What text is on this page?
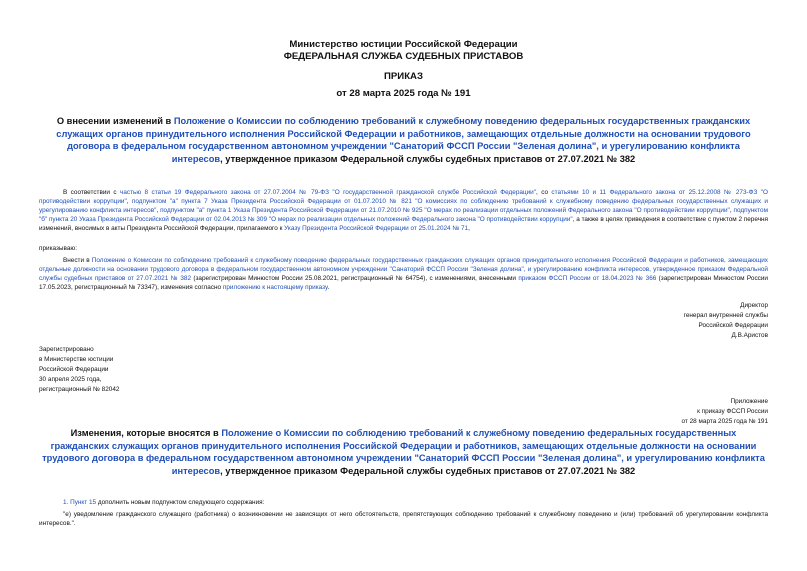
Министерство юстиции Российской Федерации
ФЕДЕРАЛЬНАЯ СЛУЖБА СУДЕБНЫХ ПРИСТАВОВ
ПРИКАЗ
от 28 марта 2025 года № 191
О внесении изменений в Положение о Комиссии по соблюдению требований к служебному поведению федеральных государственных гражданских служащих органов принудительного исполнения Российской Федерации и работников, замещающих отдельные должности на основании трудового договора в федеральном государственном автономном учреждении "Санаторий ФССП России "Зеленая долина", и урегулированию конфликта интересов, утвержденное приказом Федеральной службы судебных приставов от 27.07.2021 № 382
В соответствии с частью 8 статьи 19 Федерального закона от 27.07.2004 № 79-ФЗ "О государственной гражданской службе Российской Федерации", со статьями 10 и 11 Федерального закона от 25.12.2008 № 273-ФЗ "О противодействии коррупции", подпунктом "а" пункта 7 Указа Президента Российской Федерации от 01.07.2010 № 821 "О комиссиях по соблюдению требований к служебному поведению федеральных государственных служащих и урегулированию конфликта интересов", подпунктом "а" пункта 1 Указа Президента Российской Федерации от 21.07.2010 № 925 "О мерах по реализации отдельных положений Федерального закона "О противодействии коррупции", подпунктом "б" пункта 20 Указа Президента Российской Федерации от 02.04.2013 № 309 "О мерах по реализации отдельных положений Федерального закона "О противодействии коррупции", а также в целях приведения в соответствие с пунктом 2 перечня изменений, вносимых в акты Президента Российской Федерации, прилагаемого к Указу Президента Российской Федерации от 25.01.2024 № 71,
приказываю:
Внести в Положение о Комиссии по соблюдению требований к служебному поведению федеральных государственных гражданских служащих органов принудительного исполнения Российской Федерации и работников, замещающих отдельные должности на основании трудового договора в федеральном государственном автономном учреждении "Санаторий ФССП России "Зеленая долина", и урегулированию конфликта интересов, утвержденное приказом Федеральной службы судебных приставов от 27.07.2021 № 382 (зарегистрирован Минюстом России 25.08.2021, регистрационный № 64754), с изменениями, внесенными приказом ФССП России от 18.04.2023 № 366 (зарегистрирован Минюстом России 17.05.2023, регистрационный № 73347), изменения согласно приложению к настоящему приказу.
Директор
генерал внутренней службы
Российской Федерации
Д.В.Аристов
Зарегистрировано
в Министерстве юстиции
Российской Федерации
30 апреля 2025 года,
регистрационный № 82042
Приложение
к приказу ФССП России
от 28 марта 2025 года № 191
Изменения, которые вносятся в Положение о Комиссии по соблюдению требований к служебному поведению федеральных государственных гражданских служащих органов принудительного исполнения Российской Федерации и работников, замещающих отдельные должности на основании трудового договора в федеральном государственном автономном учреждении "Санаторий ФССП России "Зеленая долина", и урегулированию конфликта интересов, утвержденное приказом Федеральной службы судебных приставов от 27.07.2021 № 382
1. Пункт 15 дополнить новым подпунктом следующего содержания:
"е) уведомление гражданского служащего (работника) о возникновении не зависящих от него обстоятельств, препятствующих соблюдению требований к служебному поведению и (или) требований об урегулировании конфликта интересов.".
